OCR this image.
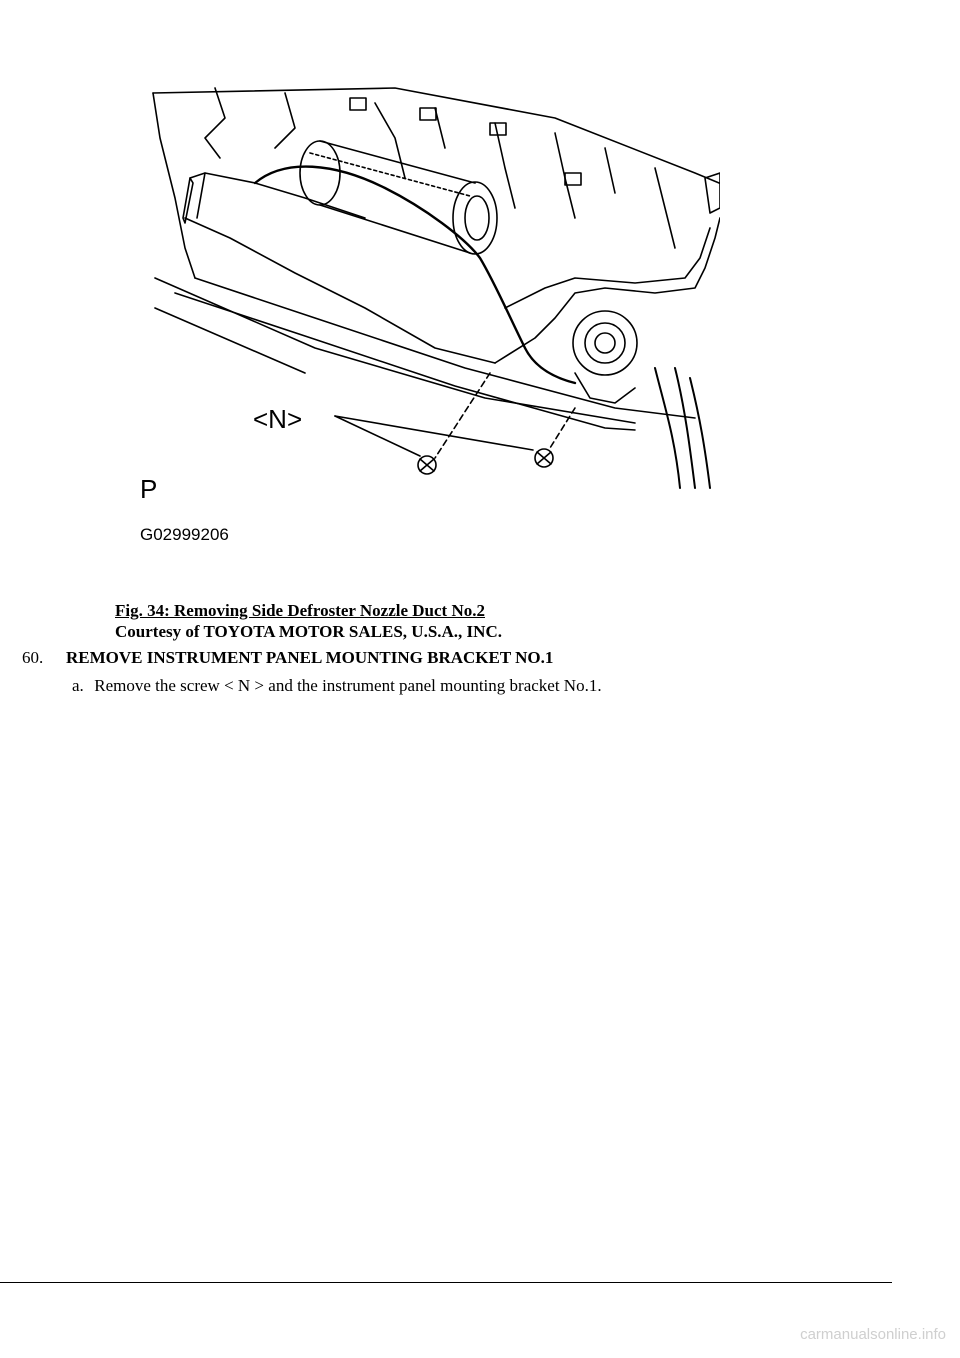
<N>
P
G02999206
Fig. 34: Removing Side Defroster Nozzle Duct No.2
Courtesy of TOYOTA MOTOR SALES, U.S.A., INC.
60. REMOVE INSTRUMENT PANEL MOUNTING BRACKET NO.1
a. Remove the screw < N > and the instrument panel mounting bracket No.1.
carmanualsonline.info
